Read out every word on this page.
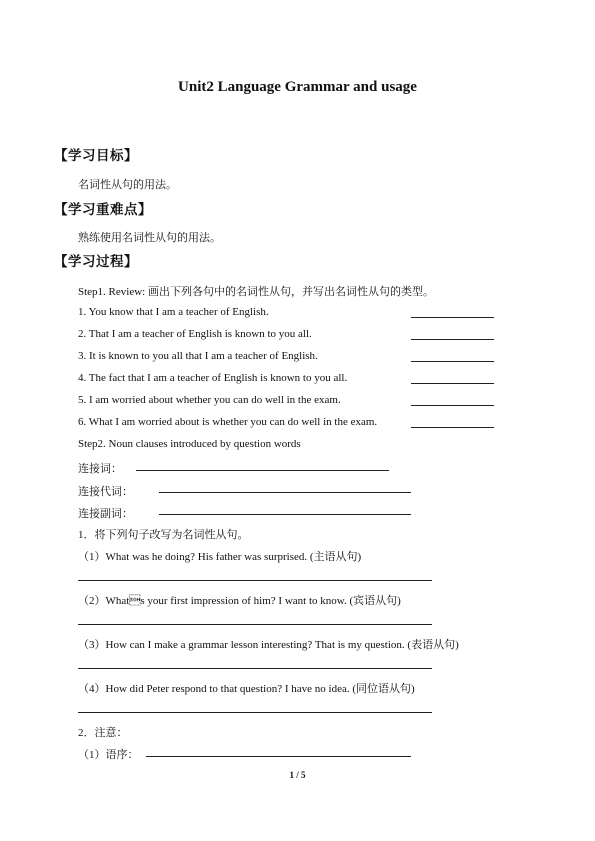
Unit2 Language Grammar and usage
【学习目标】
名词性从句的用法。
【学习重难点】
熟练使用名词性从句的用法。
【学习过程】
Step1. Review: 画出下列各句中的名词性从句，并写出名词性从句的类型。
1. You know that I am a teacher of English.
2. That I am a teacher of English is known to you all.
3. It is known to you all that I am a teacher of English.
4. The fact that I am a teacher of English is known to you all.
5. I am worried about whether you can do well in the exam.
6. What I am worried about is whether you can do well in the exam.
Step2. Noun clauses introduced by question words
连接词：
连接代词：
连接副词：
1．将下列句子改写为名词性从句。
（1）What was he doing? His father was surprised. (主语从句)
（2）Whats your first impression of him? I want to know. (宾语从句)
（3）How can I make a grammar lesson interesting? That is my question. (表语从句)
（4）How did Peter respond to that question? I have no idea. (同位语从句)
2．注意：
（1）语序：
1 / 5
